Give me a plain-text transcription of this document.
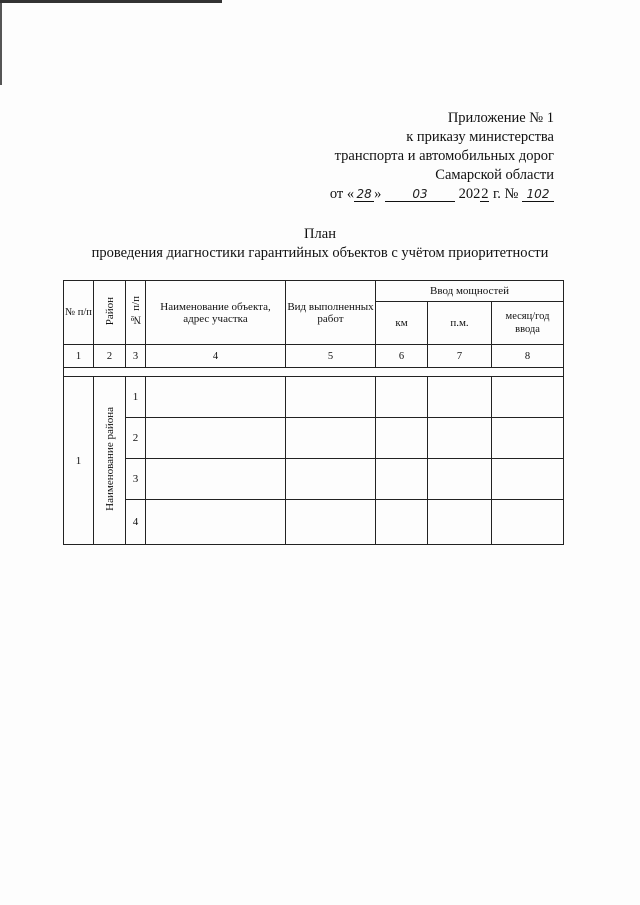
Приложение № 1
к приказу министерства
транспорта и автомобильных дорог
Самарской области
от « 28 »	03 2022 г. № 102
План
проведения диагностики гарантийных объектов с учётом приоритетности
№ п/п	Район	№ п/п	Наименование объекта, адрес участка	Вид выполненных работ	Ввод мощностей		
					км	п.м.	месяц/год ввода

1	2	3	4	5	6	7	8

1	Наименование района	1					
		2					
		3					
		4					
